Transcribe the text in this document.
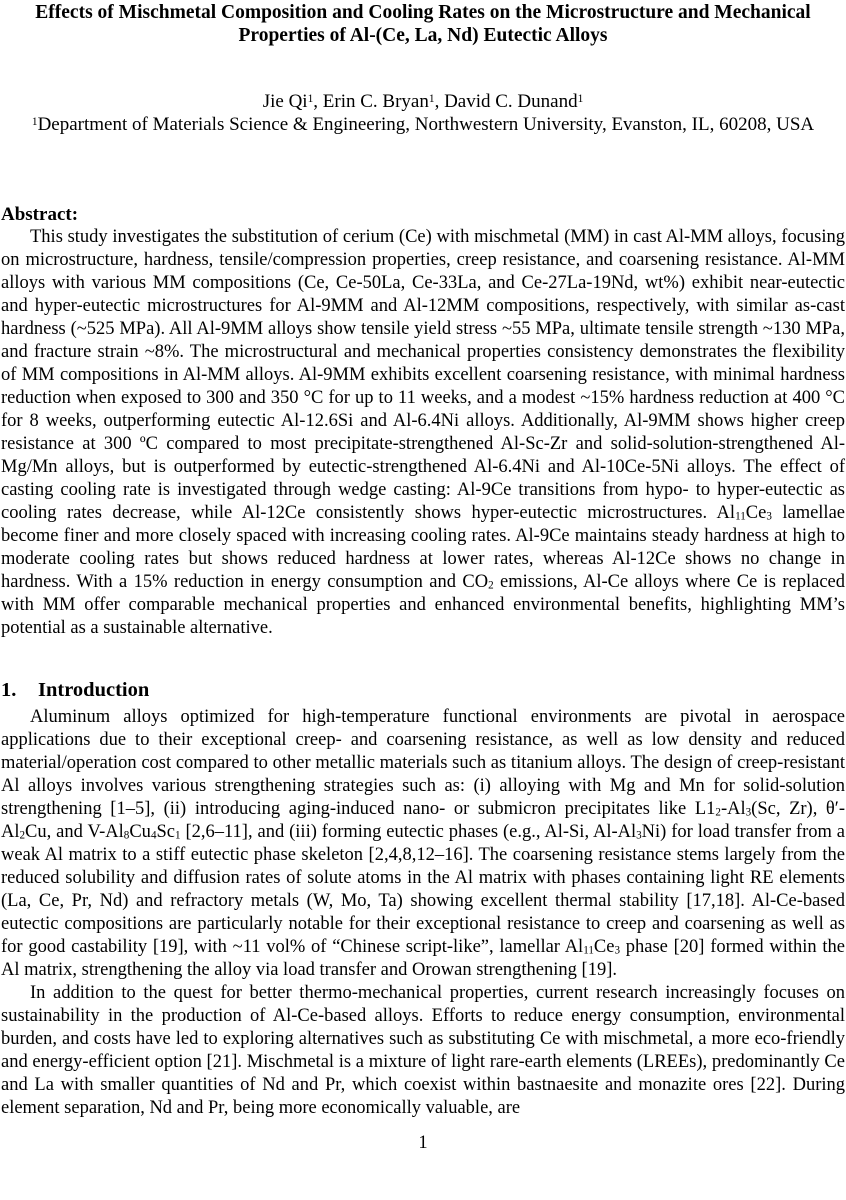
Effects of Mischmetal Composition and Cooling Rates on the Microstructure and Mechanical
Properties of Al-(Ce, La, Nd) Eutectic Alloys
Jie Qi$^1$, Erin C. Bryan$^1$, David C. Dunand$^1$
$^1$Department of Materials Science & Engineering, Northwestern University, Evanston, IL, 60208, USA
Abstract:

This study investigates the substitution of cerium (Ce) with mischmetal (MM) in cast Al-MM alloys, focusing on microstructure, hardness, tensile/compression properties, creep resistance, and coarsening resistance. Al-MM alloys with various MM compositions (Ce, Ce-50La, Ce-33La, and Ce-27La-19Nd, wt%) exhibit near-eutectic and hyper-eutectic microstructures for Al-9MM and Al-12MM compositions, respectively, with similar as-cast hardness (~525 MPa). All Al-9MM alloys show tensile yield stress ~55 MPa, ultimate tensile strength ~130 MPa, and fracture strain ~8%. The microstructural and mechanical properties consistency demonstrates the flexibility of MM compositions in Al-MM alloys. Al-9MM exhibits excellent coarsening resistance, with minimal hardness reduction when exposed to 300 and 350 °C for up to 11 weeks, and a modest ~15% hardness reduction at 400 °C for 8 weeks, outperforming eutectic Al-12.6Si and Al-6.4Ni alloys. Additionally, Al-9MM shows higher creep resistance at 300 ºC compared to most precipitate-strengthened Al-Sc-Zr and solid-solution-strengthened Al-Mg/Mn alloys, but is outperformed by eutectic-strengthened Al-6.4Ni and Al-10Ce-5Ni alloys. The effect of casting cooling rate is investigated through wedge casting: Al-9Ce transitions from hypo- to hyper-eutectic as cooling rates decrease, while Al-12Ce consistently shows hyper-eutectic microstructures. $Al_{11}Ce_3$ lamellae become finer and more closely spaced with increasing cooling rates. Al-9Ce maintains steady hardness at high to moderate cooling rates but shows reduced hardness at lower rates, whereas Al-12Ce shows no change in hardness. With a 15% reduction in energy consumption and $CO_2$ emissions, Al-Ce alloys where Ce is replaced with MM offer comparable mechanical properties and enhanced environmental benefits, highlighting MM’s potential as a sustainable alternative.

1. Introduction

Aluminum alloys optimized for high-temperature functional environments are pivotal in aerospace applications due to their exceptional creep- and coarsening resistance, as well as low density and reduced material/operation cost compared to other metallic materials such as titanium alloys. The design of creep-resistant Al alloys involves various strengthening strategies such as: (i) alloying with Mg and Mn for solid-solution strengthening [1–5], (ii) introducing aging-induced nano- or submicron precipitates like $L1_2-Al_3(Sc$, Zr), $\theta'-Al_2Cu$, and $V-Al_8Cu_4Sc_1$ [2,6–11], and (iii) forming eutectic phases (e.g., Al-Si, $Al-Al_3Ni$) for load transfer from a weak Al matrix to a stiff eutectic phase skeleton [2,4,8,12–16]. The coarsening resistance stems largely from the reduced solubility and diffusion rates of solute atoms in the Al matrix with phases containing light RE elements (La, Ce, Pr, Nd) and refractory metals (W, Mo, Ta) showing excellent thermal stability [17,18]. Al-Ce-based eutectic compositions are particularly notable for their exceptional resistance to creep and coarsening as well as for good castability [19], with ~11 vol% of “Chinese script-like”, lamellar $Al_{11}Ce_3$ phase [20] formed within the Al matrix, strengthening the alloy via load transfer and Orowan strengthening [19].

In addition to the quest for better thermo-mechanical properties, current research increasingly focuses on sustainability in the production of Al-Ce-based alloys. Efforts to reduce energy consumption, environmental burden, and costs have led to exploring alternatives such as substituting Ce with mischmetal, a more eco-friendly and energy-efficient option [21]. Mischmetal is a mixture of light rare-earth elements (LREEs), predominantly Ce and La with smaller quantities of Nd and Pr, which coexist within bastnaesite and monazite ores [22]. During element separation, Nd and Pr, being more economically valuable, are

1
